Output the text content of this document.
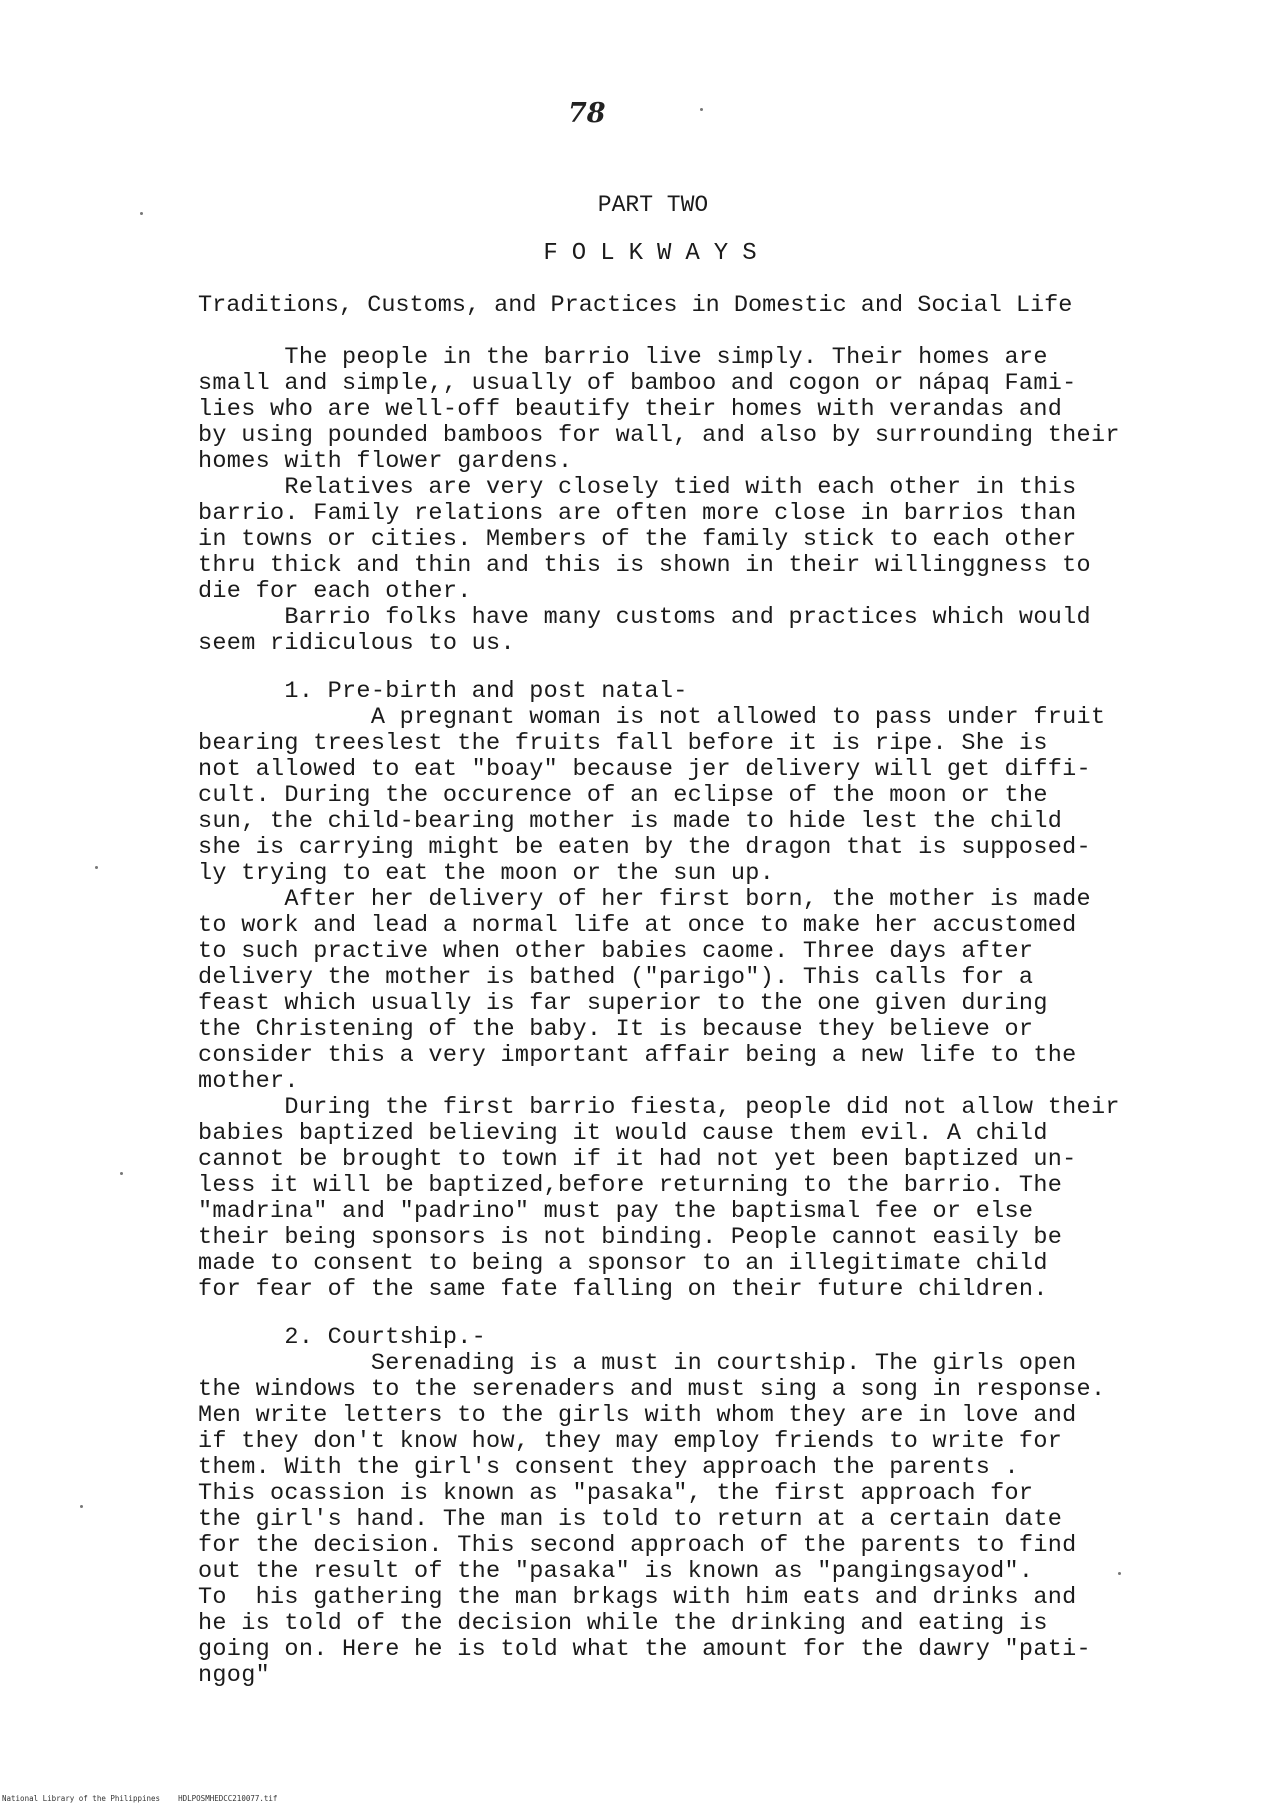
78
PART TWO
FOLKWAYS
Traditions, Customs, and Practices in Domestic and Social Life
The people in the barrio live simply. Their homes are
small and simple,, usually of bamboo and cogon or nápaq Fami-
lies who are well-off beautify their homes with verandas and
by using pounded bamboos for wall, and also by surrounding their
homes with flower gardens.
Relatives are very closely tied with each other in this
barrio. Family relations are often more close in barrios than
in towns or cities. Members of the family stick to each other
thru thick and thin and this is shown in their willinggness to
die for each other.
Barrio folks have many customs and practices which would
seem ridiculous to us.
1. Pre-birth and post natal-
A pregnant woman is not allowed to pass under fruit
bearing treeslest the fruits fall before it is ripe. She is
not allowed to eat "boay" because jer delivery will get diffi-
cult. During the occurence of an eclipse of the moon or the
sun, the child-bearing mother is made to hide lest the child
she is carrying might be eaten by the dragon that is supposed-
ly trying to eat the moon or the sun up.
After her delivery of her first born, the mother is made
to work and lead a normal life at once to make her accustomed
to such practive when other babies caome. Three days after
delivery the mother is bathed ("parigo"). This calls for a
feast which usually is far superior to the one given during
the Christening of the baby. It is because they believe or
consider this a very important affair being a new life to the
mother.
During the first barrio fiesta, people did not allow their
babies baptized believing it would cause them evil. A child
cannot be brought to town if it had not yet been baptized un-
less it will be baptized,before returning to the barrio. The
"madrina" and "padrino" must pay the baptismal fee or else
their being sponsors is not binding. People cannot easily be
made to consent to being a sponsor to an illegitimate child
for fear of the same fate falling on their future children.
2. Courtship.-
Serenading is a must in courtship. The girls open
the windows to the serenaders and must sing a song in response.
Men write letters to the girls with whom they are in love and
if they don't know how, they may employ friends to write for
them. With the girl's consent they approach the parents .
This ocassion is known as "pasaka", the first approach for
the girl's hand. The man is told to return at a certain date
for the decision. This second approach of the parents to find
out the result of the "pasaka" is known as "pangingsayod".
To  his gathering the man brkags with him eats and drinks and
he is told of the decision while the drinking and eating is
going on. Here he is told what the amount for the dawry "pati-
ngog"
National Library of the Philippines    HDLPOSMHEDCC210077.tif
